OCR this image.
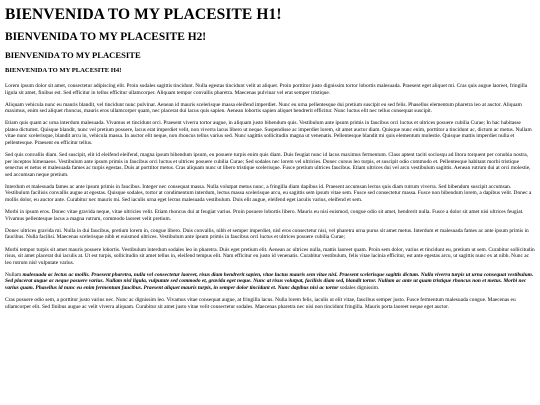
BIENVENIDA TO MY PLACESITE H1!
BIENVENIDA TO MY PLACESITE H2!
BIENVENIDA TO MY PLACESITE
BIENVENIDA TO MY PLACESITE H4!

Lorem ipsum dolor sit amet, consectetur adipiscing elit. Proin sodales sagittis tincidunt. Nulla egestas tincidunt velit at aliquet. Proin porttitor justo dignissim tortor lobortis malesuada. Praesent eget aliquet mi. Cras quis augue laoreet, fringilla ligula sit amet, finibus est. Sed efficitur in tellus efficitur ullamcorper. Aliquam tempor convallis pharetra. Maecenas pulvinar vel erat semper tristique.

Aliquam vehicula nunc eu mauris blandit, vel tincidunt nunc pulvinar. Aenean id mauris scelerisque massa eleifend imperdiet. Nunc eu urna pellentesque dui pretium suscipit eu sed felis. Phasellus elementum pharetra leo at auctor. Aliquam maximus, enim sed aliquet rhoncus, mauris eros ullamcorper quam, nec placerat dui lacus quis sapien. Aenean lobortis sapien aliquet hendrerit efficitur. Nunc luctus elit nec tellus consequat suscipit.

Etiam quis quam ac urna interdum malesuada. Vivamus et tincidunt orci. Praesent viverra tortor augue, in aliquam justo bibendum quis. Vestibulum ante ipsum primis in faucibus orci luctus et ultrices posuere cubilia Curae; In hac habitasse platea dictumst. Quisque blandit, nunc vel pretium posuere, lacus erat imperdiet velit, non viverra lacus libero ut neque. Suspendisse ac imperdiet lorem, sit amet auctor diam. Quisque nunc enim, porttitor a tincidunt ac, dictum ac metus. Nullam vitae nunc scelerisque, blandit arcu in, vehicula massa. In auctor elit neque, non rhoncus tellus varius sed. Nunc sagittis sollicitudin magna ut venenatis. Pellentesque blandit mi quis elementum molestie. Quisque mattis imperdiet nulla et pellentesque. Praesent eu efficitur tellus.

Sed quis convallis diam. Sed suscipit, elit id eleifend eleifend, magna ipsum bibendum ipsum, eu posuere turpis enim quis diam. Duis feugiat nunc id lacus maximus fermentum. Class aptent taciti sociosqu ad litora torquent per conubia nostra, per inceptos himenaeos. Vestibulum ante ipsum primis in faucibus orci luctus et ultrices posuere cubilia Curae; Sed sodales nec lorem vel ultricies. Donec cursus leo turpis, et suscipit odio commodo et. Pellentesque habitant morbi tristique senectus et netus et malesuada fames ac turpis egestas. Duis at porttitor metus. Cras aliquam nunc ut libero tristique scelerisque. Fusce pretium ultrices faucibus. Etiam ultrices dui vel arcu vestibulum sagittis. Aenean rutrum dui at orci molestie, sed accumsan neque pretium.

Interdum et malesuada fames ac ante ipsum primis in faucibus. Integer nec consequat massa. Nulla volutpat metus nunc, a fringilla diam dapibus id. Praesent accumsan lectus quis diam rutrum viverra. Sed bibendum suscipit accumsan. Vestibulum facilisis convallis augue at egestas. Quisque sodales, tortor at condimentum interdum, lectus massa scelerisque arcu, eu sagittis sem ipsum vitae sem. Fusce sed consectetur massa. Fusce non bibendum lorem, a dapibus velit. Donec a mollis dolor, eu auctor ante. Curabitur nec mauris mi. Sed iaculis urna eget lectus malesuada vestibulum. Duis elit augue, eleifend eget iaculis varius, eleifend et sem.

Morbi in ipsum eros. Donec vitae gravida neque, vitae ultricies velit. Etiam rhoncus dui at feugiat varius. Proin posuere lobortis libero. Mauris eu nisi euismod, congue odio sit amet, hendrerit nulla. Fusce a dolor sit amet nisi ultrices feugiat. Vivamus pellentesque lacus a magna rutrum, commodo laoreet velit pretium.

Donec ultrices gravida mi. Nulla in dui faucibus, pretium lorem in, congue libero. Duis convallis, nibh et semper imperdiet, nisl eros consectetur nisi, vel pharetra urna purus sit amet metus. Interdum et malesuada fames ac ante ipsum primis in faucibus. Nulla facilisi. Maecenas scelerisque nibh et euismod ultrices. Vestibulum ante ipsum primis in faucibus orci luctus et ultrices posuere cubilia Curae;

Morbi tempor turpis sit amet mauris posuere lobortis. Vestibulum interdum sodales leo in pharetra. Duis eget pretium elit. Aenean ac ultrices nulla, mattis laoreet quam. Proin sem dolor, varius et tincidunt eu, pretium ut sem. Curabitur sollicitudin risus, sit amet placerat dui iaculis at. Ut est turpis, sollicitudin sit amet tellus in, eleifend tempus elit. Nam efficitur eu justo id venenatis. Curabitur vestibulum, felis vitae lacinia efficitur, est ante egestas arcu, ut sagittis nunc ex at nibh. Nunc ac leo rutrum nisl vulputate varius.

Nullam malesuada ac lectus ac mollis. Praesent pharetra, nulla vel consectetur laoreet, risus diam hendrerit sapien, vitae luctus mauris sem vitae nisl. Praesent scelerisque sagittis dictum. Nulla viverra turpis ut urna consequat vestibulum. Sed placerat augue ac neque posuere varius. Nullam nisl ligula, vulputate sed commodo et, gravida eget neque. Nunc at risus volutpat, facilisis diam sed, blandit tortor. Nullam ac ante ut quam tristique rhoncus non et metus. Morbi nec varius quam. Phasellus id nunc eu enim fermentum faucibus. Praesent aliquet mauris turpis, in semper dolor tincidunt et. Nunc dapibus nisi ac tortor sodales dignissim.

Cras posuere odio sem, a porttitor justo varius nec. Nunc ac dignissim leo. Vivamus vitae consequat augue, at fringilla lacus. Nulla lorem felis, iaculis ut elit vitae, faucibus semper justo. Fusce fermentum malesuada congue. Maecenas eu ullamcorper elit. Sed finibus augue ac velit viverra aliquam. Curabitur sit amet justo vitae velit consectetur sodales. Maecenas pharetra nec nisi non tincidunt fringilla. Mauris porta laoreet neque eget auctor.
